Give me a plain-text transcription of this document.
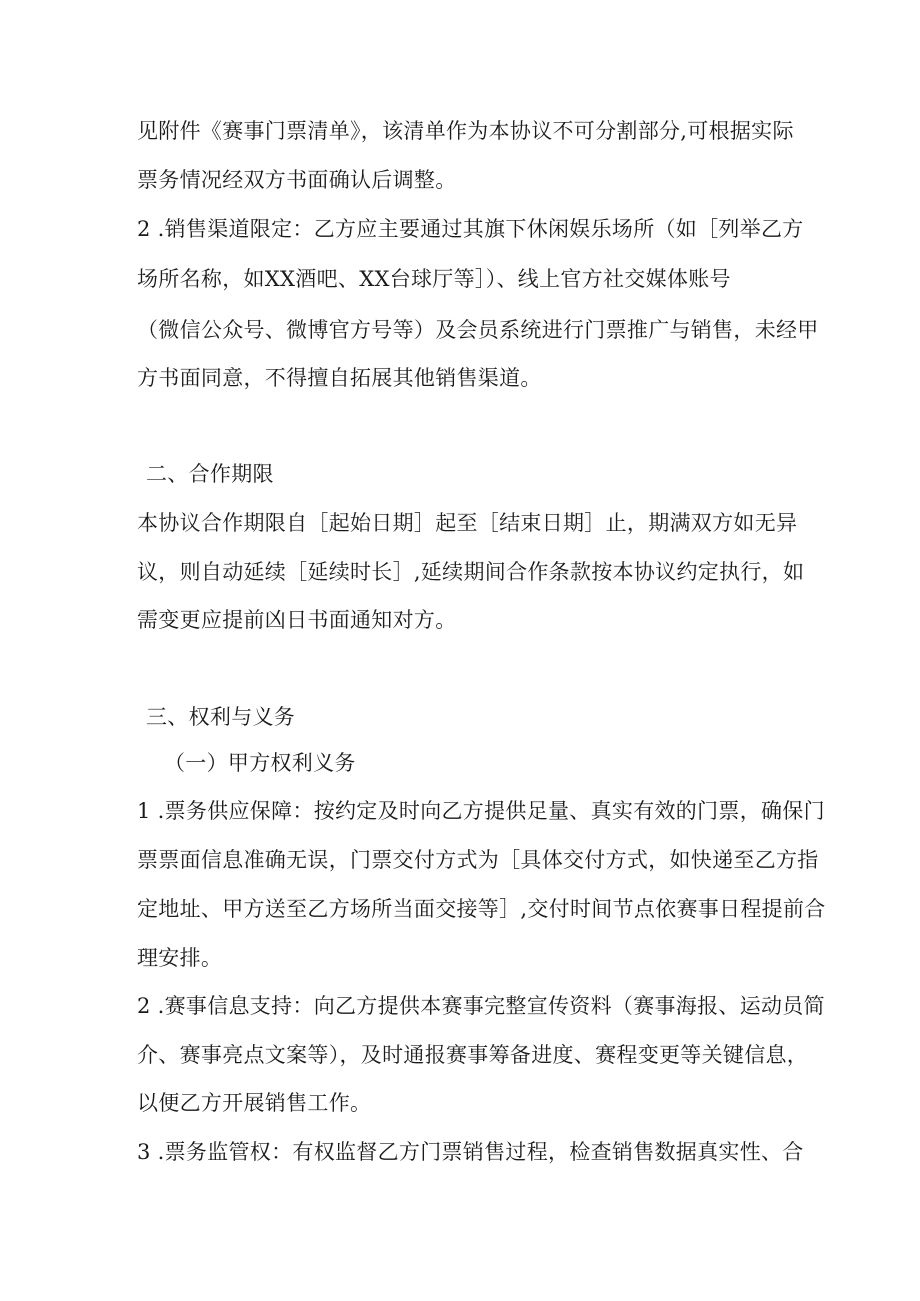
见附件《赛事门票清单》，该清单作为本协议不可分割部分,可根据实际
票务情况经双方书面确认后调整。
2 .销售渠道限定：乙方应主要通过其旗下休闲娱乐场所（如［列举乙方
场所名称，如XX酒吧、XX台球厅等］）、线上官方社交媒体账号
（微信公众号、微博官方号等）及会员系统进行门票推广与销售，未经甲
方书面同意，不得擅自拓展其他销售渠道。
二、合作期限
本协议合作期限自［起始日期］起至［结束日期］止，期满双方如无异
议，则自动延续［延续时长］,延续期间合作条款按本协议约定执行，如
需变更应提前凶日书面通知对方。
三、权利与义务
（一）甲方权利义务
1 .票务供应保障：按约定及时向乙方提供足量、真实有效的门票，确保门
票票面信息准确无误，门票交付方式为［具体交付方式，如快递至乙方指
定地址、甲方送至乙方场所当面交接等］,交付时间节点依赛事日程提前合
理安排。
2 .赛事信息支持：向乙方提供本赛事完整宣传资料（赛事海报、运动员简
介、赛事亮点文案等），及时通报赛事筹备进度、赛程变更等关键信息，
以便乙方开展销售工作。
3 .票务监管权：有权监督乙方门票销售过程，检查销售数据真实性、合
